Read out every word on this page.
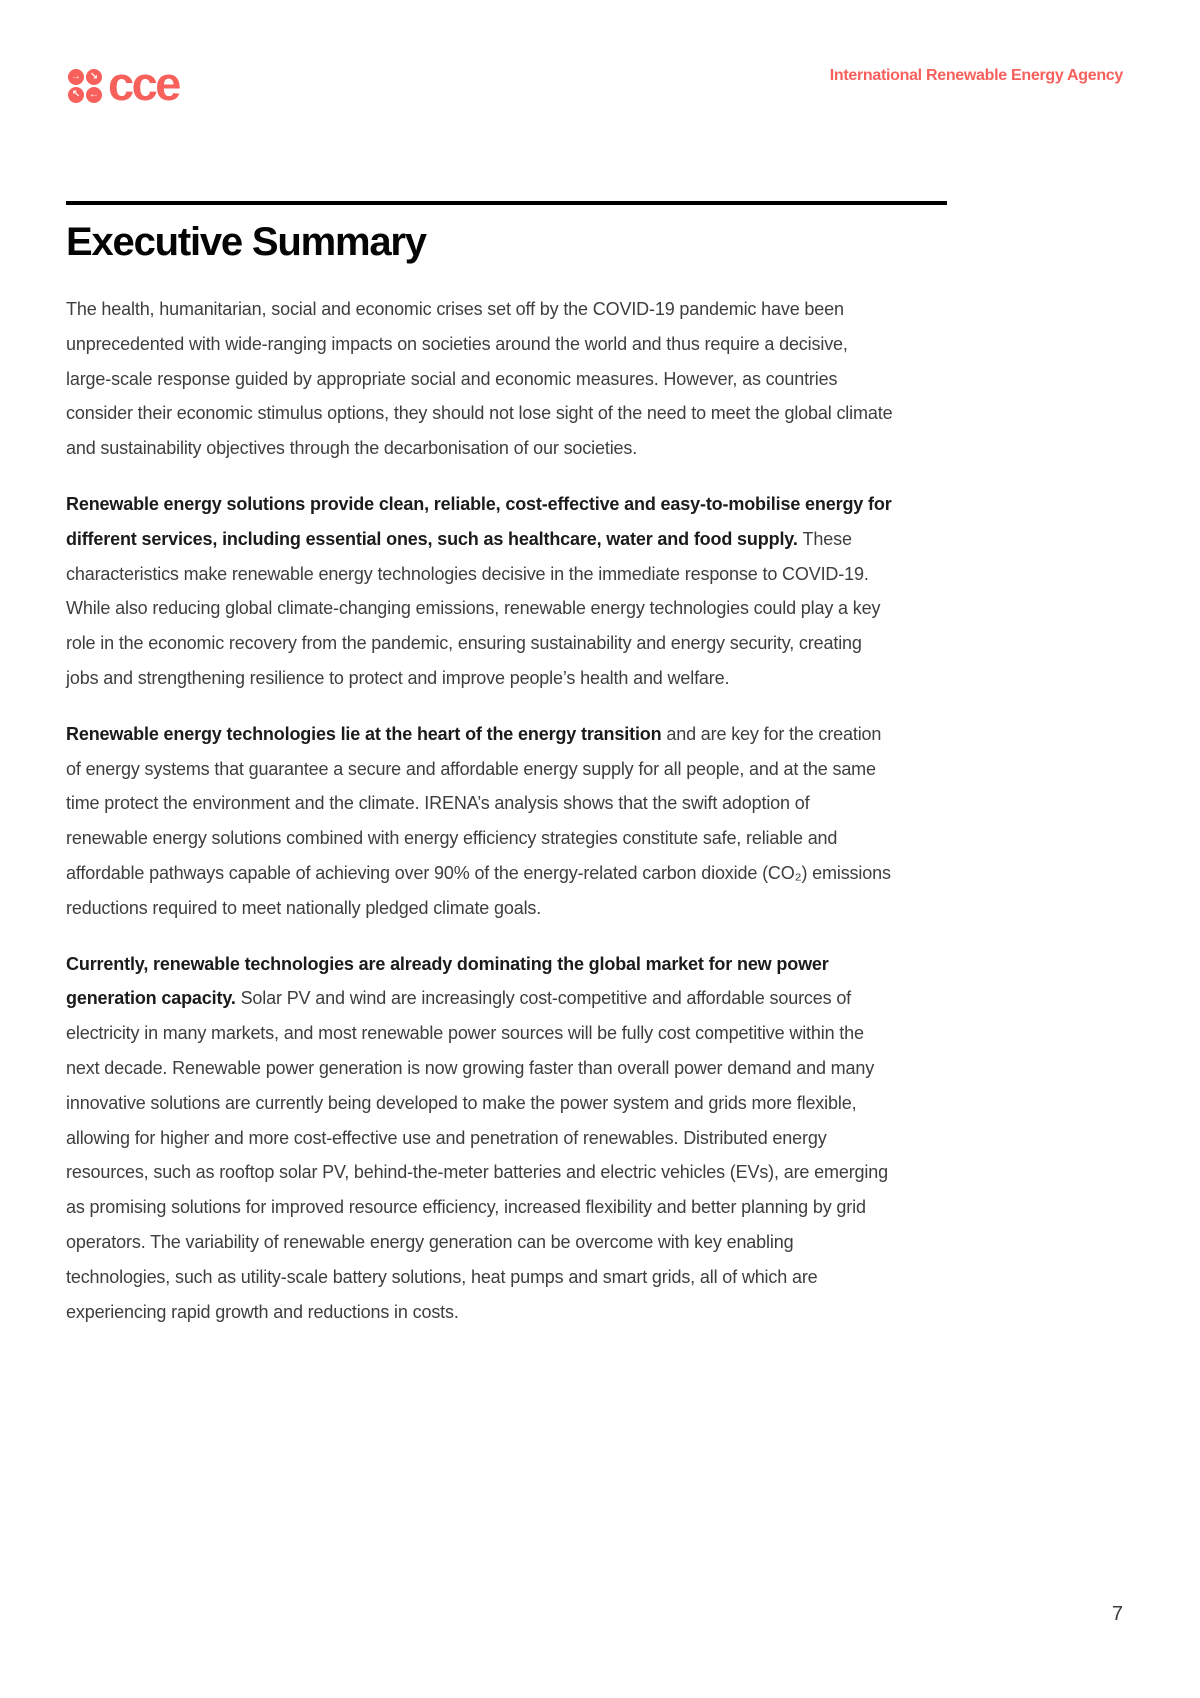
→ ↘
↖ ← cce	International Renewable Energy Agency
Executive Summary

The health, humanitarian, social and economic crises set off by the COVID-19 pandemic have been unprecedented with wide-ranging impacts on societies around the world and thus require a decisive, large-scale response guided by appropriate social and economic measures. However, as countries consider their economic stimulus options, they should not lose sight of the need to meet the global climate and sustainability objectives through the decarbonisation of our societies.

Renewable energy solutions provide clean, reliable, cost-effective and easy-to-mobilise energy for different services, including essential ones, such as healthcare, water and food supply. These characteristics make renewable energy technologies decisive in the immediate response to COVID-19. While also reducing global climate-changing emissions, renewable energy technologies could play a key role in the economic recovery from the pandemic, ensuring sustainability and energy security, creating jobs and strengthening resilience to protect and improve people’s health and welfare.

Renewable energy technologies lie at the heart of the energy transition and are key for the creation of energy systems that guarantee a secure and affordable energy supply for all people, and at the same time protect the environment and the climate. IRENA’s analysis shows that the swift adoption of renewable energy solutions combined with energy efficiency strategies constitute safe, reliable and affordable pathways capable of achieving over 90% of the energy-related carbon dioxide (CO₂) emissions reductions required to meet nationally pledged climate goals.

Currently, renewable technologies are already dominating the global market for new power generation capacity. Solar PV and wind are increasingly cost-competitive and affordable sources of electricity in many markets, and most renewable power sources will be fully cost competitive within the next decade. Renewable power generation is now growing faster than overall power demand and many innovative solutions are currently being developed to make the power system and grids more flexible, allowing for higher and more cost-effective use and penetration of renewables. Distributed energy resources, such as rooftop solar PV, behind-the-meter batteries and electric vehicles (EVs), are emerging as promising solutions for improved resource efficiency, increased flexibility and better planning by grid operators. The variability of renewable energy generation can be overcome with key enabling technologies, such as utility-scale battery solutions, heat pumps and smart grids, all of which are experiencing rapid growth and reductions in costs.

7
